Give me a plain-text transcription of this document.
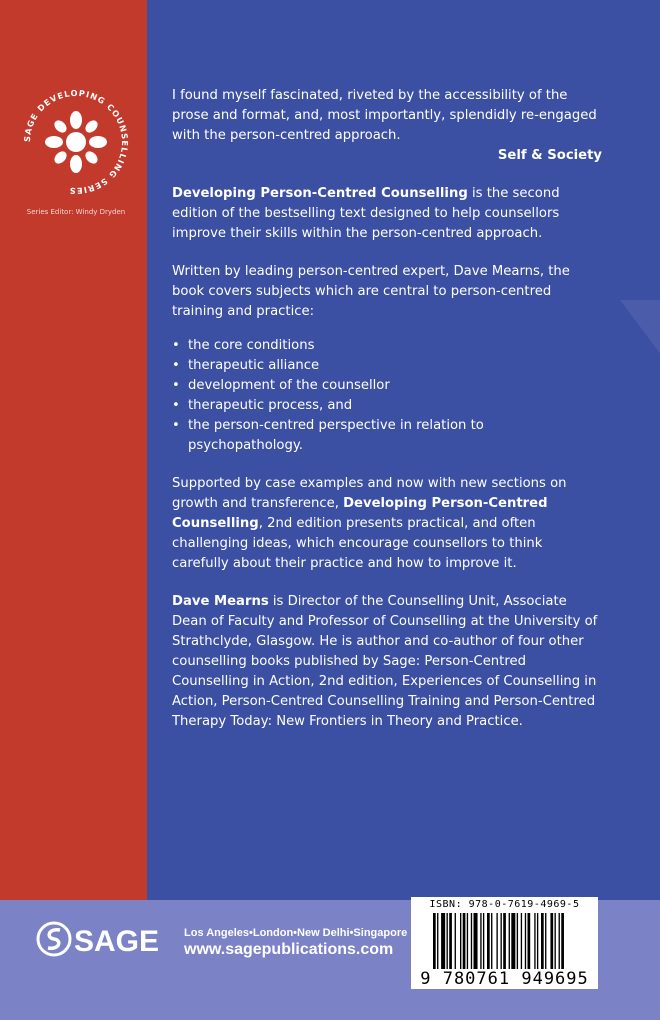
SAGE DEVELOPING COUNSELLING SERIES
Series Editor: Windy Dryden

I found myself fascinated, riveted by the accessibility of the prose and format, and, most importantly, splendidly re-engaged with the person-centred approach.

Self & Society

Developing Person-Centred Counselling is the second edition of the bestselling text designed to help counsellors improve their skills within the person-centred approach.

Written by leading person-centred expert, Dave Mearns, the book covers subjects which are central to person-centred training and practice:

• the core conditions
• therapeutic alliance
• development of the counsellor
• therapeutic process, and
• the person-centred perspective in relation to psychopathology.

Supported by case examples and now with new sections on growth and transference, Developing Person-Centred Counselling, 2nd edition presents practical, and often challenging ideas, which encourage counsellors to think carefully about their practice and how to improve it.

Dave Mearns is Director of the Counselling Unit, Associate Dean of Faculty and Professor of Counselling at the University of Strathclyde, Glasgow. He is author and co-author of four other counselling books published by Sage: Person-Centred Counselling in Action, 2nd edition, Experiences of Counselling in Action, Person-Centred Counselling Training and Person-Centred Therapy Today: New Frontiers in Theory and Practice.

SAGE Los Angeles•London•New Delhi•Singapore
www.sagepublications.com
ISBN: 978-0-7619-4969-5
9 780761 949695
